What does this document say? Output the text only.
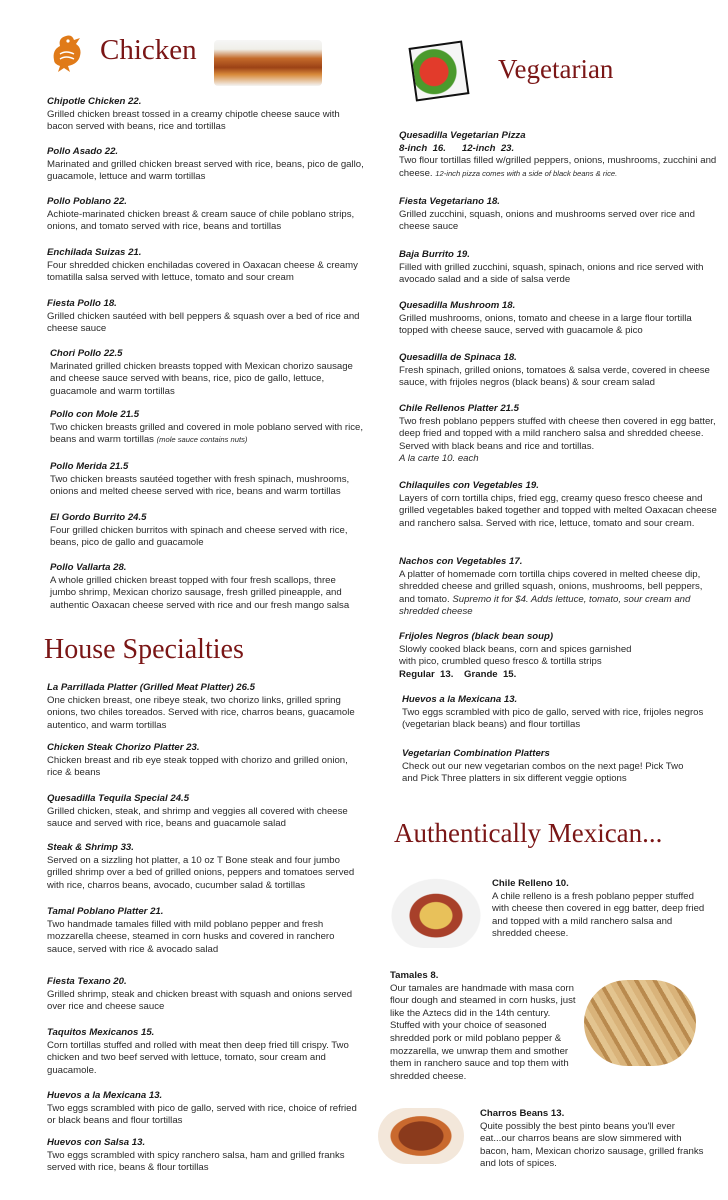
Chicken
Chipotle Chicken 22.
Grilled chicken breast tossed in a creamy chipotle cheese sauce with bacon served with beans, rice and tortillas
Pollo Asado 22.
Marinated and grilled chicken breast served with rice, beans, pico de gallo, guacamole, lettuce and warm tortillas
Pollo Poblano 22.
Achiote-marinated chicken breast & cream sauce of chile poblano strips, onions, and tomato served with rice, beans and tortillas
Enchilada Suizas 21.
Four shredded chicken enchiladas covered in Oaxacan cheese & creamy tomatilla salsa served with lettuce, tomato and sour cream
Fiesta Pollo 18.
Grilled chicken sautéed with bell peppers & squash over a bed of rice and cheese sauce
Chori Pollo 22.5
Marinated grilled chicken breasts topped with Mexican chorizo sausage and cheese sauce served with beans, rice, pico de gallo, lettuce, guacamole and warm tortillas
Pollo con Mole 21.5
Two chicken breasts grilled and covered in mole poblano served with rice, beans and warm tortillas (mole sauce contains nuts)
Pollo Merida 21.5
Two chicken breasts sautéed together with fresh spinach, mushrooms, onions and melted cheese served with rice, beans and warm tortillas
El Gordo Burrito 24.5
Four grilled chicken burritos with spinach and cheese served with rice, beans, pico de gallo and guacamole
Pollo Vallarta 28.
A whole grilled chicken breast topped with four fresh scallops, three jumbo shrimp, Mexican chorizo sausage, fresh grilled pineapple, and authentic Oaxacan cheese served with rice and our fresh mango salsa
House Specialties
La Parrillada Platter (Grilled Meat Platter) 26.5
One chicken breast, one ribeye steak, two chorizo links, grilled spring onions, two chiles toreados. Served with rice, charros beans, guacamole autentico, and warm tortillas
Chicken Steak Chorizo Platter 23.
Chicken breast and rib eye steak topped with chorizo and grilled onion, rice & beans
Quesadilla Tequila Special 24.5
Grilled chicken, steak, and shrimp and veggies all covered with cheese sauce and served with rice, beans and guacamole salad
Steak & Shrimp 33.
Served on a sizzling hot platter, a 10 oz T Bone steak and four jumbo grilled shrimp over a bed of grilled onions, peppers and tomatoes served with rice, charros beans, avocado, cucumber salad & tortillas
Tamal Poblano Platter 21.
Two handmade tamales filled with mild poblano pepper and fresh mozzarella cheese, steamed in corn husks and covered in ranchero sauce, served with rice & avocado salad
Fiesta Texano 20.
Grilled shrimp, steak and chicken breast with squash and onions served over rice and cheese sauce
Taquitos Mexicanos 15.
Corn tortillas stuffed and rolled with meat then deep fried till crispy. Two chicken and two beef served with lettuce, tomato, sour cream and guacamole.
Huevos a la Mexicana 13.
Two eggs scrambled with pico de gallo, served with rice, choice of refried or black beans and flour tortillas
Huevos con Salsa 13.
Two eggs scrambled with spicy ranchero salsa, ham and grilled franks served with rice, beans & flour tortillas
Vegetarian
Quesadilla Vegetarian Pizza
8-inch  16.      12-inch  23.
Two flour tortillas filled w/grilled peppers, onions, mushrooms, zucchini and cheese. 12-inch pizza comes with a side of black beans & rice.
Fiesta Vegetariano 18.
Grilled zucchini, squash, onions and mushrooms served over rice and cheese sauce
Baja Burrito 19.
Filled with grilled zucchini, squash, spinach, onions and rice served with avocado salad and a side of salsa verde
Quesadilla Mushroom 18.
Grilled mushrooms, onions, tomato and cheese in a large flour tortilla topped with cheese sauce, served with guacamole & pico
Quesadilla de Spinaca 18.
Fresh spinach, grilled onions, tomatoes & salsa verde, covered in cheese sauce, with frijoles negros (black beans) & sour cream salad
Chile Rellenos Platter 21.5
Two fresh poblano peppers stuffed with cheese then covered in egg batter, deep fried and topped with a mild ranchero salsa and shredded cheese. Served with black beans and rice and tortillas.
A la carte 10. each
Chilaquiles con Vegetables 19.
Layers of corn tortilla chips, fried egg, creamy queso fresco cheese and grilled vegetables baked together and topped with melted Oaxacan cheese and ranchero salsa. Served with rice, lettuce, tomato and sour cream.
Nachos con Vegetables 17.
A platter of homemade corn tortilla chips covered in melted cheese dip, shredded cheese and grilled squash, onions, mushrooms, bell peppers, and tomato. Supremo it for $4. Adds lettuce, tomato, sour cream and shredded cheese
Frijoles Negros (black bean soup)
Slowly cooked black beans, corn and spices garnished with pico, crumbled queso fresco & tortilla strips
Regular  13.    Grande  15.
Huevos a la Mexicana 13.
Two eggs scrambled with pico de gallo, served with rice, frijoles negros (vegetarian black beans) and flour tortillas
Vegetarian Combination Platters
Check out our new vegetarian combos on the next page! Pick Two and Pick Three platters in six different veggie options
Authentically Mexican...
Chile Relleno 10.
A chile relleno is a fresh poblano pepper stuffed with cheese then covered in egg batter, deep fried and topped with a mild ranchero salsa and shredded cheese.
Tamales 8.
Our tamales are handmade with masa corn flour dough and steamed in corn husks, just like the Aztecs did in the 14th century. Stuffed with your choice of seasoned shredded pork or mild poblano pepper & mozzarella, we unwrap them and smother them in ranchero sauce and top them with shredded cheese.
Charros Beans 13.
Quite possibly the best pinto beans you'll ever eat...our charros beans are slow simmered with bacon, ham, Mexican chorizo sausage, grilled franks and lots of spices.
